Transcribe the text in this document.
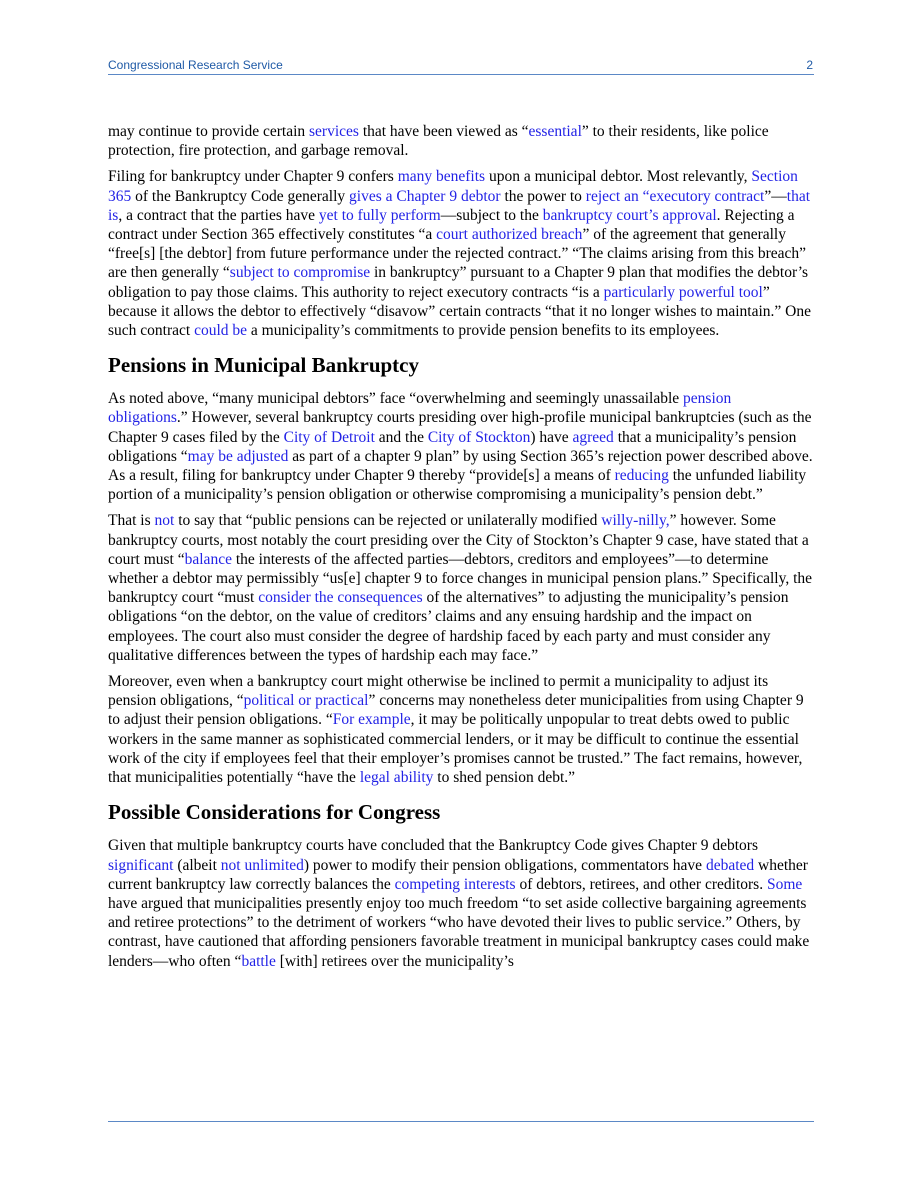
Congressional Research Service	2

may continue to provide certain services that have been viewed as “essential” to their residents, like police protection, fire protection, and garbage removal.

Filing for bankruptcy under Chapter 9 confers many benefits upon a municipal debtor. Most relevantly, Section 365 of the Bankruptcy Code generally gives a Chapter 9 debtor the power to reject an “executory contract”—that is, a contract that the parties have yet to fully perform—subject to the bankruptcy court’s approval. Rejecting a contract under Section 365 effectively constitutes “a court authorized breach” of the agreement that generally “free[s] [the debtor] from future performance under the rejected contract.” “The claims arising from this breach” are then generally “subject to compromise in bankruptcy” pursuant to a Chapter 9 plan that modifies the debtor’s obligation to pay those claims. This authority to reject executory contracts “is a particularly powerful tool” because it allows the debtor to effectively “disavow” certain contracts “that it no longer wishes to maintain.” One such contract could be a municipality’s commitments to provide pension benefits to its employees.

Pensions in Municipal Bankruptcy

As noted above, “many municipal debtors” face “overwhelming and seemingly unassailable pension obligations.” However, several bankruptcy courts presiding over high-profile municipal bankruptcies (such as the Chapter 9 cases filed by the City of Detroit and the City of Stockton) have agreed that a municipality’s pension obligations “may be adjusted as part of a chapter 9 plan” by using Section 365’s rejection power described above. As a result, filing for bankruptcy under Chapter 9 thereby “provide[s] a means of reducing the unfunded liability portion of a municipality’s pension obligation or otherwise compromising a municipality’s pension debt.”

That is not to say that “public pensions can be rejected or unilaterally modified willy-nilly,” however. Some bankruptcy courts, most notably the court presiding over the City of Stockton’s Chapter 9 case, have stated that a court must “balance the interests of the affected parties—debtors, creditors and employees”—to determine whether a debtor may permissibly “us[e] chapter 9 to force changes in municipal pension plans.” Specifically, the bankruptcy court “must consider the consequences of the alternatives” to adjusting the municipality’s pension obligations “on the debtor, on the value of creditors’ claims and any ensuing hardship and the impact on employees. The court also must consider the degree of hardship faced by each party and must consider any qualitative differences between the types of hardship each may face.”

Moreover, even when a bankruptcy court might otherwise be inclined to permit a municipality to adjust its pension obligations, “political or practical” concerns may nonetheless deter municipalities from using Chapter 9 to adjust their pension obligations. “For example, it may be politically unpopular to treat debts owed to public workers in the same manner as sophisticated commercial lenders, or it may be difficult to continue the essential work of the city if employees feel that their employer’s promises cannot be trusted.” The fact remains, however, that municipalities potentially “have the legal ability to shed pension debt.”

Possible Considerations for Congress

Given that multiple bankruptcy courts have concluded that the Bankruptcy Code gives Chapter 9 debtors significant (albeit not unlimited) power to modify their pension obligations, commentators have debated whether current bankruptcy law correctly balances the competing interests of debtors, retirees, and other creditors. Some have argued that municipalities presently enjoy too much freedom “to set aside collective bargaining agreements and retiree protections” to the detriment of workers “who have devoted their lives to public service.” Others, by contrast, have cautioned that affording pensioners favorable treatment in municipal bankruptcy cases could make lenders—who often “battle [with] retirees over the municipality’s
